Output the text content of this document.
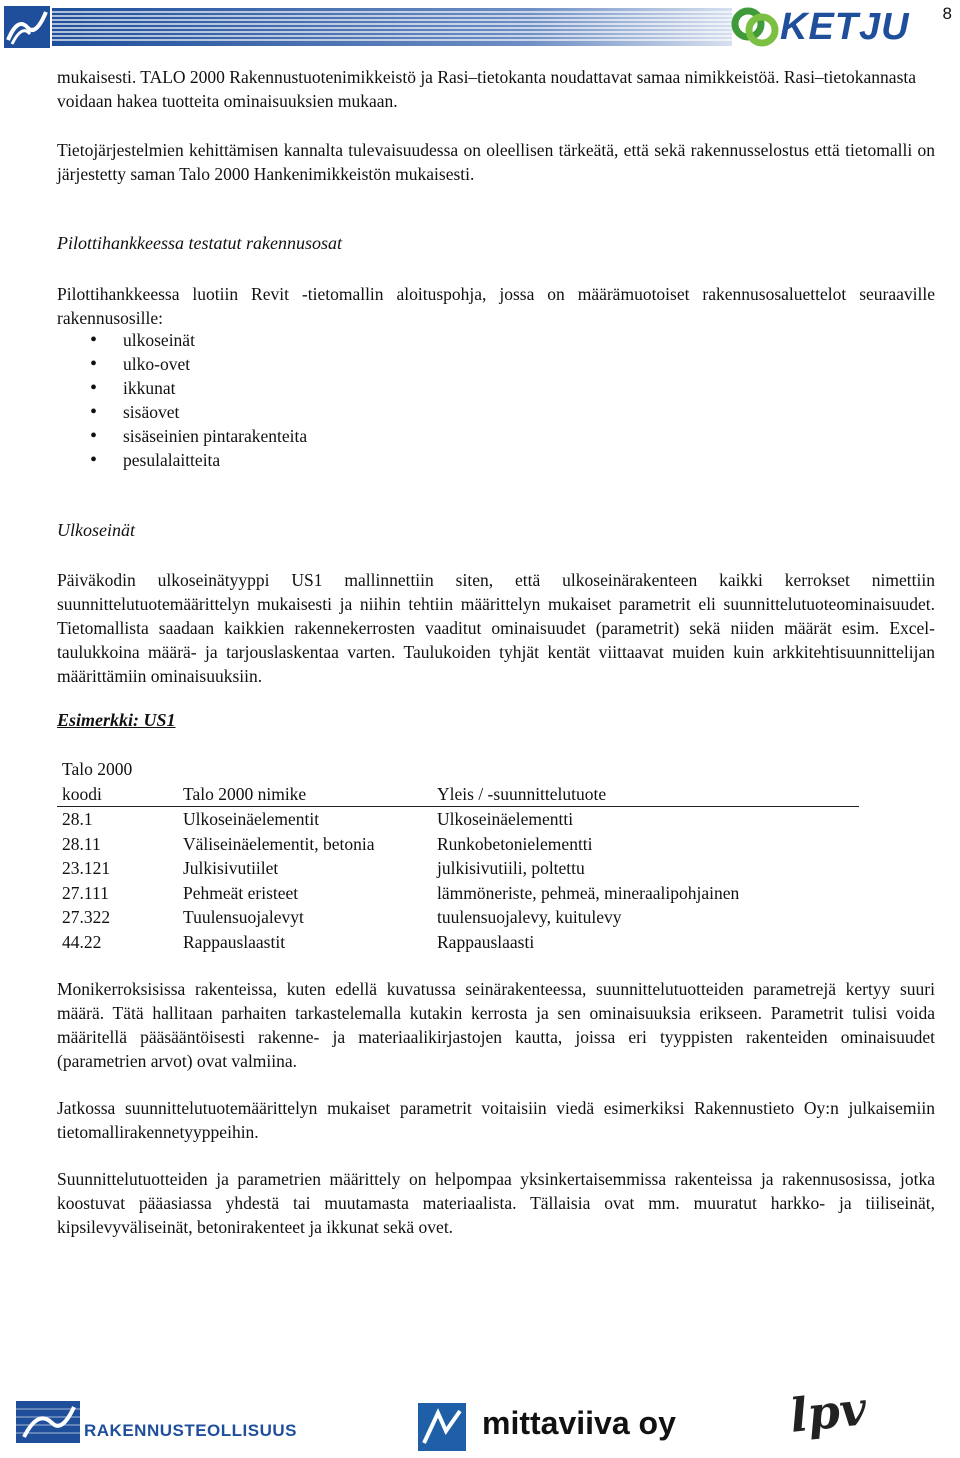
KETJU 8
mukaisesti. TALO 2000 Rakennustuotenimikkeistö ja Rasi–tietokanta noudattavat samaa nimikkeistöä. Rasi–tietokannasta voidaan hakea tuotteita ominaisuuksien mukaan.
Tietojärjestelmien kehittämisen kannalta tulevaisuudessa on oleellisen tärkeätä, että sekä rakennusselostus että tietomalli on järjestetty saman Talo 2000 Hankenimikkeistön mukaisesti.
Pilottihankkeessa testatut rakennusosat
Pilottihankkeessa luotiin Revit -tietomallin aloituspohja, jossa on määrämuotoiset rakennusosaluettelot seuraaville rakennusosille:
• ulkoseinät
• ulko-ovet
• ikkunat
• sisäovet
• sisäseinien pintarakenteita
• pesulalaitteita
Ulkoseinät
Päiväkodin ulkoseinätyyppi US1 mallinnettiin siten, että ulkoseinärakenteen kaikki kerrokset nimettiin suunnittelutuotemäärittelyn mukaisesti ja niihin tehtiin määrittelyn mukaiset parametrit eli suunnittelutuoteominaisuudet. Tietomallista saadaan kaikkien rakennekerrosten vaaditut ominaisuudet (parametrit) sekä niiden määrät esim. Excel-taulukkoina määrä- ja tarjouslaskentaa varten. Taulukoiden tyhjät kentät viittaavat muiden kuin arkkitehtisuunnittelijan määrittämiin ominaisuuksiin.
Esimerkki: US1
Talo 2000
koodi	Talo 2000 nimike	Yleis / -suunnittelutuote
28.1	Ulkoseinäelementit	Ulkoseinäelementti
28.11	Väliseinäelementit, betonia	Runkobetonielementti
23.121	Julkisivutiilet	julkisivutiili, poltettu
27.111	Pehmeät eristeet	lämmöneriste, pehmeä, mineraalipohjainen
27.322	Tuulensuojalevyt	tuulensuojalevy, kuitulevy
44.22	Rappauslaastit	Rappauslaasti
Monikerroksisissa rakenteissa, kuten edellä kuvatussa seinärakenteessa, suunnittelutuotteiden parametrejä kertyy suuri määrä. Tätä hallitaan parhaiten tarkastelemalla kutakin kerrosta ja sen ominaisuuksia erikseen. Parametrit tulisi voida määritellä pääsääntöisesti rakenne- ja materiaalikirjastojen kautta, joissa eri tyyppisten rakenteiden ominaisuudet (parametrien arvot) ovat valmiina.
Jatkossa suunnittelutuotemäärittelyn mukaiset parametrit voitaisiin viedä esimerkiksi Rakennustieto Oy:n julkaisemiin tietomallirakennetyyppeihin.
Suunnittelutuotteiden ja parametrien määrittely on helpompaa yksinkertaisemmissa rakenteissa ja rakennusosissa, jotka koostuvat pääasiassa yhdestä tai muutamasta materiaalista. Tällaisia ovat mm. muuratut harkko- ja tiiliseinät, kipsilevyväliseinät, betonirakenteet ja ikkunat sekä ovet.
RAKENNUSTEOLLISUUS	mittaviiva oy lpv
